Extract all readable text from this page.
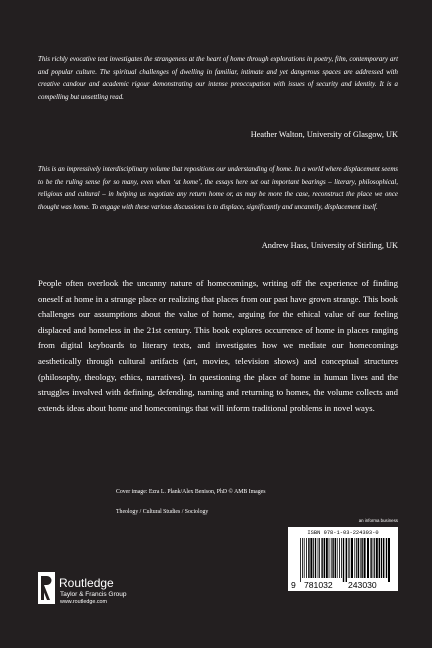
This richly evocative text investigates the strangeness at the heart of home through explorations in poetry, film, contemporary art and popular culture. The spiritual challenges of dwelling in familiar, intimate and yet dangerous spaces are addressed with creative candour and academic rigour demonstrating our intense preoccupation with issues of security and identity. It is a compelling but unsettling read.

Heather Walton, University of Glasgow, UK

This is an impressively interdisciplinary volume that repositions our understanding of home. In a world where displacement seems to be the ruling sense for so many, even when ‘at home’, the essays here set out important bearings – literary, philosophical, religious and cultural – in helping us negotiate any return home or, as may be more the case, reconstruct the place we once thought was home. To engage with these various discussions is to displace, significantly and uncannily, displacement itself.

Andrew Hass, University of Stirling, UK

People often overlook the uncanny nature of homecomings, writing off the experience of finding oneself at home in a strange place or realizing that places from our past have grown strange. This book challenges our assumptions about the value of home, arguing for the ethical value of our feeling displaced and homeless in the 21st century. This book explores occurrence of home in places ranging from digital keyboards to literary texts, and investigates how we mediate our homecomings aesthetically through cultural artifacts (art, movies, television shows) and conceptual structures (philosophy, theology, ethics, narratives). In questioning the place of home in human lives and the struggles involved with defining, defending, naming and returning to homes, the volume collects and extends ideas about home and homecomings that will inform traditional problems in novel ways.

Cover image: Ezra L. Plank/Alex Benison, PhD © AMB Images
Theology / Cultural Studies / Sociology
an informa business
ISBN 978-1-03-224303-0
9 781032 243030
Routledge
Taylor & Francis Group
www.routledge.com
